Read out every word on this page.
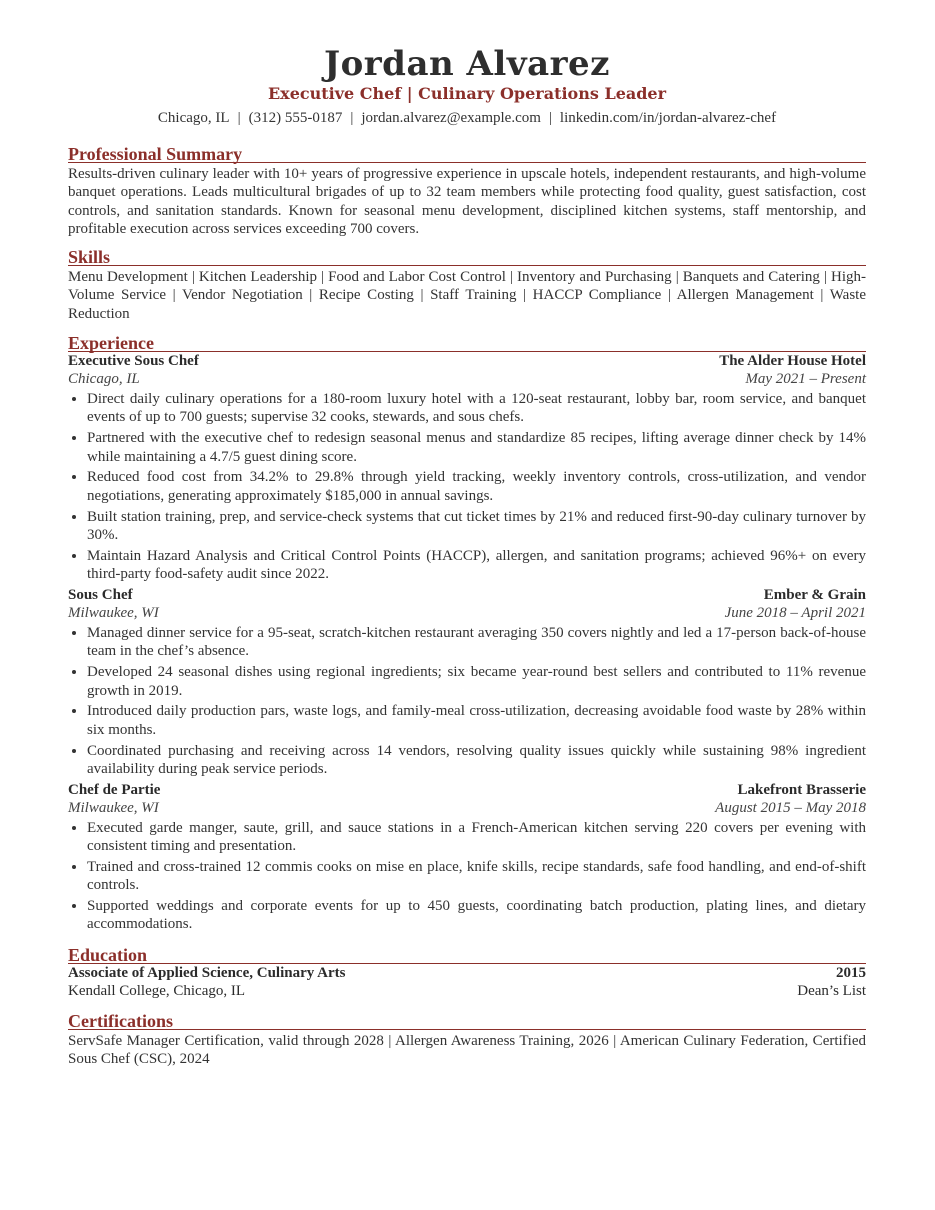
Jordan Alvarez
Executive Chef | Culinary Operations Leader
Chicago, IL | (312) 555-0187 | jordan.alvarez@example.com | linkedin.com/in/jordan-alvarez-chef
Professional Summary
Results-driven culinary leader with 10+ years of progressive experience in upscale hotels, independent restaurants, and high-volume banquet operations. Leads multicultural brigades of up to 32 team members while protecting food quality, guest satisfaction, cost controls, and sanitation standards. Known for seasonal menu development, disciplined kitchen systems, staff mentorship, and profitable execution across services exceeding 700 covers.
Skills
Menu Development | Kitchen Leadership | Food and Labor Cost Control | Inventory and Purchasing | Banquets and Catering | High-Volume Service | Vendor Negotiation | Recipe Costing | Staff Training | HACCP Compliance | Allergen Management | Waste Reduction
Experience
Executive Sous Chef	The Alder House Hotel
Chicago, IL	May 2021 – Present
• Direct daily culinary operations for a 180-room luxury hotel with a 120-seat restaurant, lobby bar, room service, and banquet events of up to 700 guests; supervise 32 cooks, stewards, and sous chefs.
• Partnered with the executive chef to redesign seasonal menus and standardize 85 recipes, lifting average dinner check by 14% while maintaining a 4.7/5 guest dining score.
• Reduced food cost from 34.2% to 29.8% through yield tracking, weekly inventory controls, cross-utilization, and vendor negotiations, generating approximately $185,000 in annual savings.
• Built station training, prep, and service-check systems that cut ticket times by 21% and reduced first-90-day culinary turnover by 30%.
• Maintain Hazard Analysis and Critical Control Points (HACCP), allergen, and sanitation programs; achieved 96%+ on every third-party food-safety audit since 2022.
Sous Chef	Ember & Grain
Milwaukee, WI	June 2018 – April 2021
• Managed dinner service for a 95-seat, scratch-kitchen restaurant averaging 350 covers nightly and led a 17-person back-of-house team in the chef’s absence.
• Developed 24 seasonal dishes using regional ingredients; six became year-round best sellers and contributed to 11% revenue growth in 2019.
• Introduced daily production pars, waste logs, and family-meal cross-utilization, decreasing avoidable food waste by 28% within six months.
• Coordinated purchasing and receiving across 14 vendors, resolving quality issues quickly while sustaining 98% ingredient availability during peak service periods.
Chef de Partie	Lakefront Brasserie
Milwaukee, WI	August 2015 – May 2018
• Executed garde manger, saute, grill, and sauce stations in a French-American kitchen serving 220 covers per evening with consistent timing and presentation.
• Trained and cross-trained 12 commis cooks on mise en place, knife skills, recipe standards, safe food handling, and end-of-shift controls.
• Supported weddings and corporate events for up to 450 guests, coordinating batch production, plating lines, and dietary accommodations.
Education
Associate of Applied Science, Culinary Arts	2015
Kendall College, Chicago, IL	Dean’s List
Certifications
ServSafe Manager Certification, valid through 2028 | Allergen Awareness Training, 2026 | American Culinary Federation, Certified Sous Chef (CSC), 2024
